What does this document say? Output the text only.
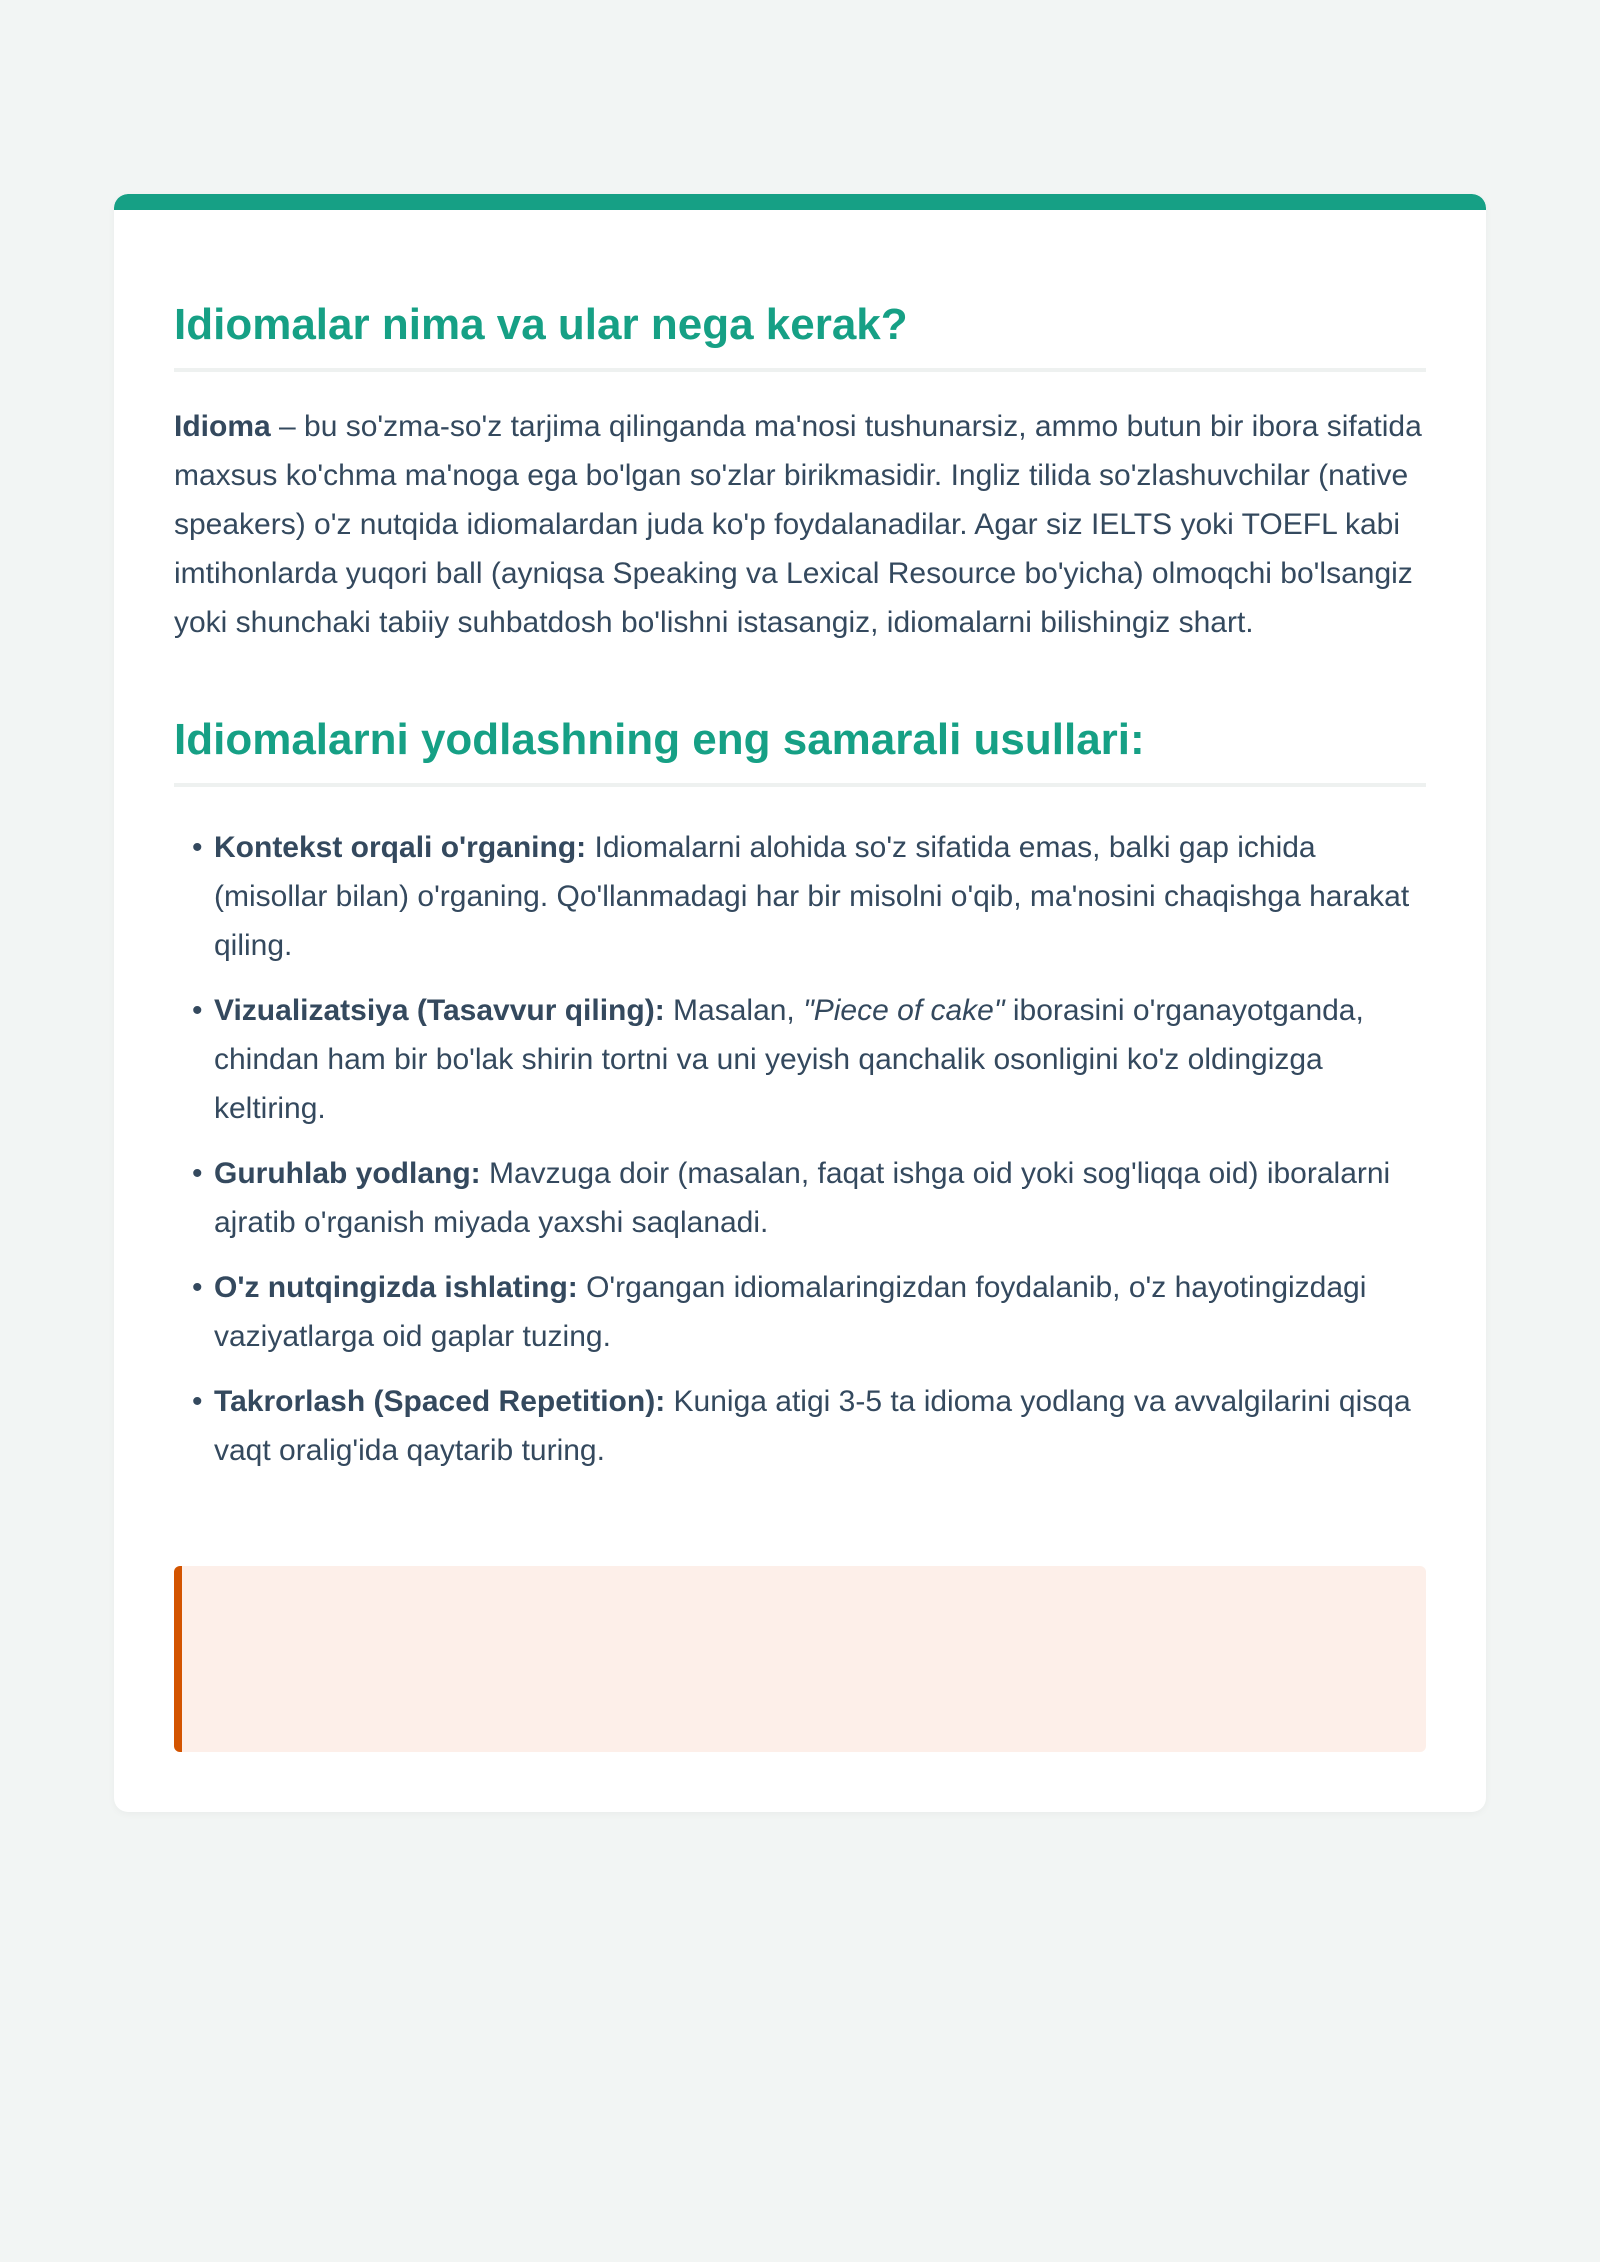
Idiomalar nima va ular nega kerak?

Idioma – bu so'zma-so'z tarjima qilinganda ma'nosi tushunarsiz, ammo butun bir ibora sifatida maxsus ko'chma ma'noga ega bo'lgan so'zlar birikmasidir. Ingliz tilida so'zlashuvchilar (native speakers) o'z nutqida idiomalardan juda ko'p foydalanadilar. Agar siz IELTS yoki TOEFL kabi imtihonlarda yuqori ball (ayniqsa Speaking va Lexical Resource bo'yicha) olmoqchi bo'lsangiz yoki shunchaki tabiiy suhbatdosh bo'lishni istasangiz, idiomalarni bilishingiz shart.

Idiomalarni yodlashning eng samarali usullari:
• Kontekst orqali o'rganing: Idiomalarni alohida so'z sifatida emas, balki gap ichida (misollar bilan) o'rganing. Qo'llanmadagi har bir misolni o'qib, ma'nosini chaqishga harakat qiling.
• Vizualizatsiya (Tasavvur qiling): Masalan, "Piece of cake" iborasini o'rganayotganda, chindan ham bir bo'lak shirin tortni va uni yeyish qanchalik osonligini ko'z oldingizga keltiring.
• Guruhlab yodlang: Mavzuga doir (masalan, faqat ishga oid yoki sog'liqqa oid) iboralarni ajratib o'rganish miyada yaxshi saqlanadi.
• O'z nutqingizda ishlating: O'rgangan idiomalaringizdan foydalanib, o'z hayotingizdagi vaziyatlarga oid gaplar tuzing.
• Takrorlash (Spaced Repetition): Kuniga atigi 3-5 ta idioma yodlang va avvalgilarini qisqa vaqt oralig'ida qaytarib turing.
